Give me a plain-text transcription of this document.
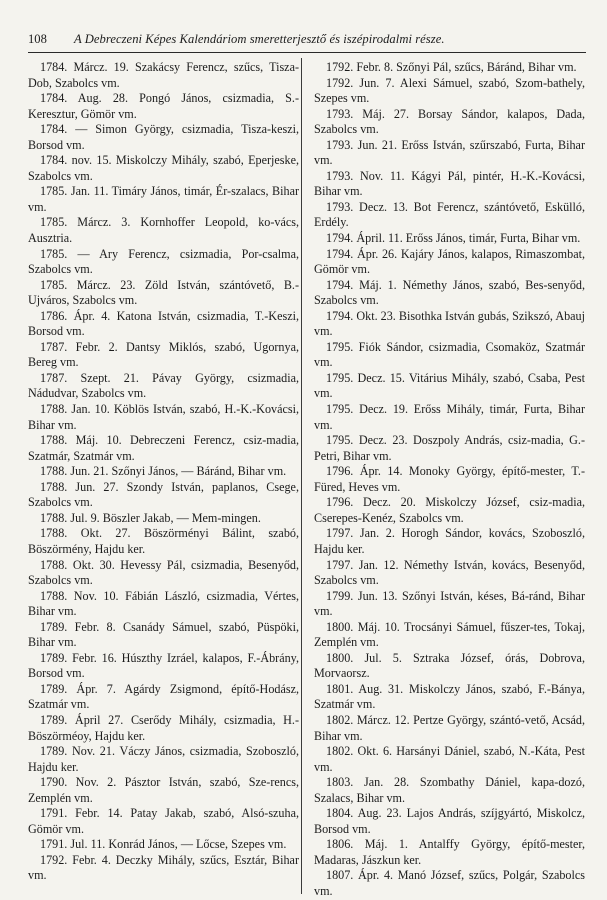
108 A Debreczeni Képes Kalendáriom smeretterjesztő és iszépirodalmi része.

1784. Márcz. 19. Szakácsy Ferencz, szűcs, Tisza-Dob, Szabolcs vm.

1784. Aug. 28. Pongó János, csizmadia, S.-Keresztur, Gömör vm.

1784. — Simon György, csizmadia, Tisza-keszi, Borsod vm.

1784. nov. 15. Miskolczy Mihály, szabó, Eperjeske, Szabolcs vm.

1785. Jan. 11. Timáry János, timár, Ér-szalacs, Bihar vm.

1785. Márcz. 3. Kornhoffer Leopold, ko-vács, Ausztria.

1785. — Ary Ferencz, csizmadia, Por-csalma, Szabolcs vm.

1785. Márcz. 23. Zöld István, szántóvető, B.-Ujváros, Szabolcs vm.

1786. Ápr. 4. Katona István, csizmadia, T.-Keszi, Borsod vm.

1787. Febr. 2. Dantsy Miklós, szabó, Ugornya, Bereg vm.

1787. Szept. 21. Pávay György, csizmadia, Nádudvar, Szabolcs vm.

1788. Jan. 10. Köblös István, szabó, H.-K.-Kovácsi, Bihar vm.

1788. Máj. 10. Debreczeni Ferencz, csiz-madia, Szatmár, Szatmár vm.

1788. Jun. 21. Szőnyi János, — Báránd, Bihar vm.

1788. Jun. 27. Szondy István, paplanos, Csege, Szabolcs vm.

1788. Jul. 9. Böszler Jakab, — Mem-mingen.

1788. Okt. 27. Böszörményi Bálint, szabó, Böszörmény, Hajdu ker.

1788. Okt. 30. Hevessy Pál, csizmadia, Besenyőd, Szabolcs vm.

1788. Nov. 10. Fábián László, csizmadia, Vértes, Bihar vm.

1789. Febr. 8. Csanády Sámuel, szabó, Püspöki, Bihar vm.

1789. Febr. 16. Húszthy Izráel, kalapos, F.-Ábrány, Borsod vm.

1789. Ápr. 7. Agárdy Zsigmond, építő-Hodász, Szatmár vm.

1789. Ápril 27. Cserődy Mihály, csizmadia, H.-Böszörméoy, Hajdu ker.

1789. Nov. 21. Váczy János, csizmadia, Szoboszló, Hajdu ker.

1790. Nov. 2. Pásztor István, szabó, Sze-rencs, Zemplén vm.

1791. Febr. 14. Patay Jakab, szabó, Alsó-szuha, Gömör vm.

1791. Jul. 11. Konrád János, — Lőcse, Szepes vm.

1792. Febr. 4. Deczky Mihály, szűcs, Esztár, Bihar vm.

1792. Febr. 8. Szőnyi Pál, szűcs, Báránd, Bihar vm.

1792. Jun. 7. Alexi Sámuel, szabó, Szom-bathely, Szepes vm.

1793. Máj. 27. Borsay Sándor, kalapos, Dada, Szabolcs vm.

1793. Jun. 21. Erőss István, szűrszabó, Furta, Bihar vm.

1793. Nov. 11. Kágyi Pál, pintér, H.-K.-Kovácsi, Bihar vm.

1793. Decz. 13. Bot Ferencz, szántóvető, Eskülló, Erdély.

1794. Ápril. 11. Erőss János, timár, Furta, Bihar vm.

1794. Ápr. 26. Kajáry János, kalapos, Rimaszombat, Gömör vm.

1794. Máj. 1. Némethy János, szabó, Bes-senyőd, Szabolcs vm.

1794. Okt. 23. Bisothka István gubás, Szikszó, Abauj vm.

1795. Fiók Sándor, csizmadia, Csomaköz, Szatmár vm.

1795. Decz. 15. Vitárius Mihály, szabó, Csaba, Pest vm.

1795. Decz. 19. Erőss Mihály, timár, Furta, Bihar vm.

1795. Decz. 23. Doszpoly András, csiz-madia, G.-Petri, Bihar vm.

1796. Ápr. 14. Monoky György, építő-mester, T.-Füred, Heves vm.

1796. Decz. 20. Miskolczy József, csiz-madia, Cserepes-Kenéz, Szabolcs vm.

1797. Jan. 2. Horogh Sándor, kovács, Szoboszló, Hajdu ker.

1797. Jan. 12. Némethy István, kovács, Besenyőd, Szabolcs vm.

1799. Jun. 13. Szőnyi István, késes, Bá-ránd, Bihar vm.

1800. Máj. 10. Trocsányi Sámuel, fűszer-tes, Tokaj, Zemplén vm.

1800. Jul. 5. Sztraka József, órás, Dobrova, Morvaorsz.

1801. Aug. 31. Miskolczy János, szabó, F.-Bánya, Szatmár vm.

1802. Márcz. 12. Pertze György, szántó-vető, Acsád, Bihar vm.

1802. Okt. 6. Harsányi Dániel, szabó, N.-Káta, Pest vm.

1803. Jan. 28. Szombathy Dániel, kapa-dozó, Szalacs, Bihar vm.

1804. Aug. 23. Lajos András, szíjgyártó, Miskolcz, Borsod vm.

1806. Máj. 1. Antalffy György, építő-mester, Madaras, Jászkun ker.

1807. Ápr. 4. Manó József, szűcs, Polgár, Szabolcs vm.
